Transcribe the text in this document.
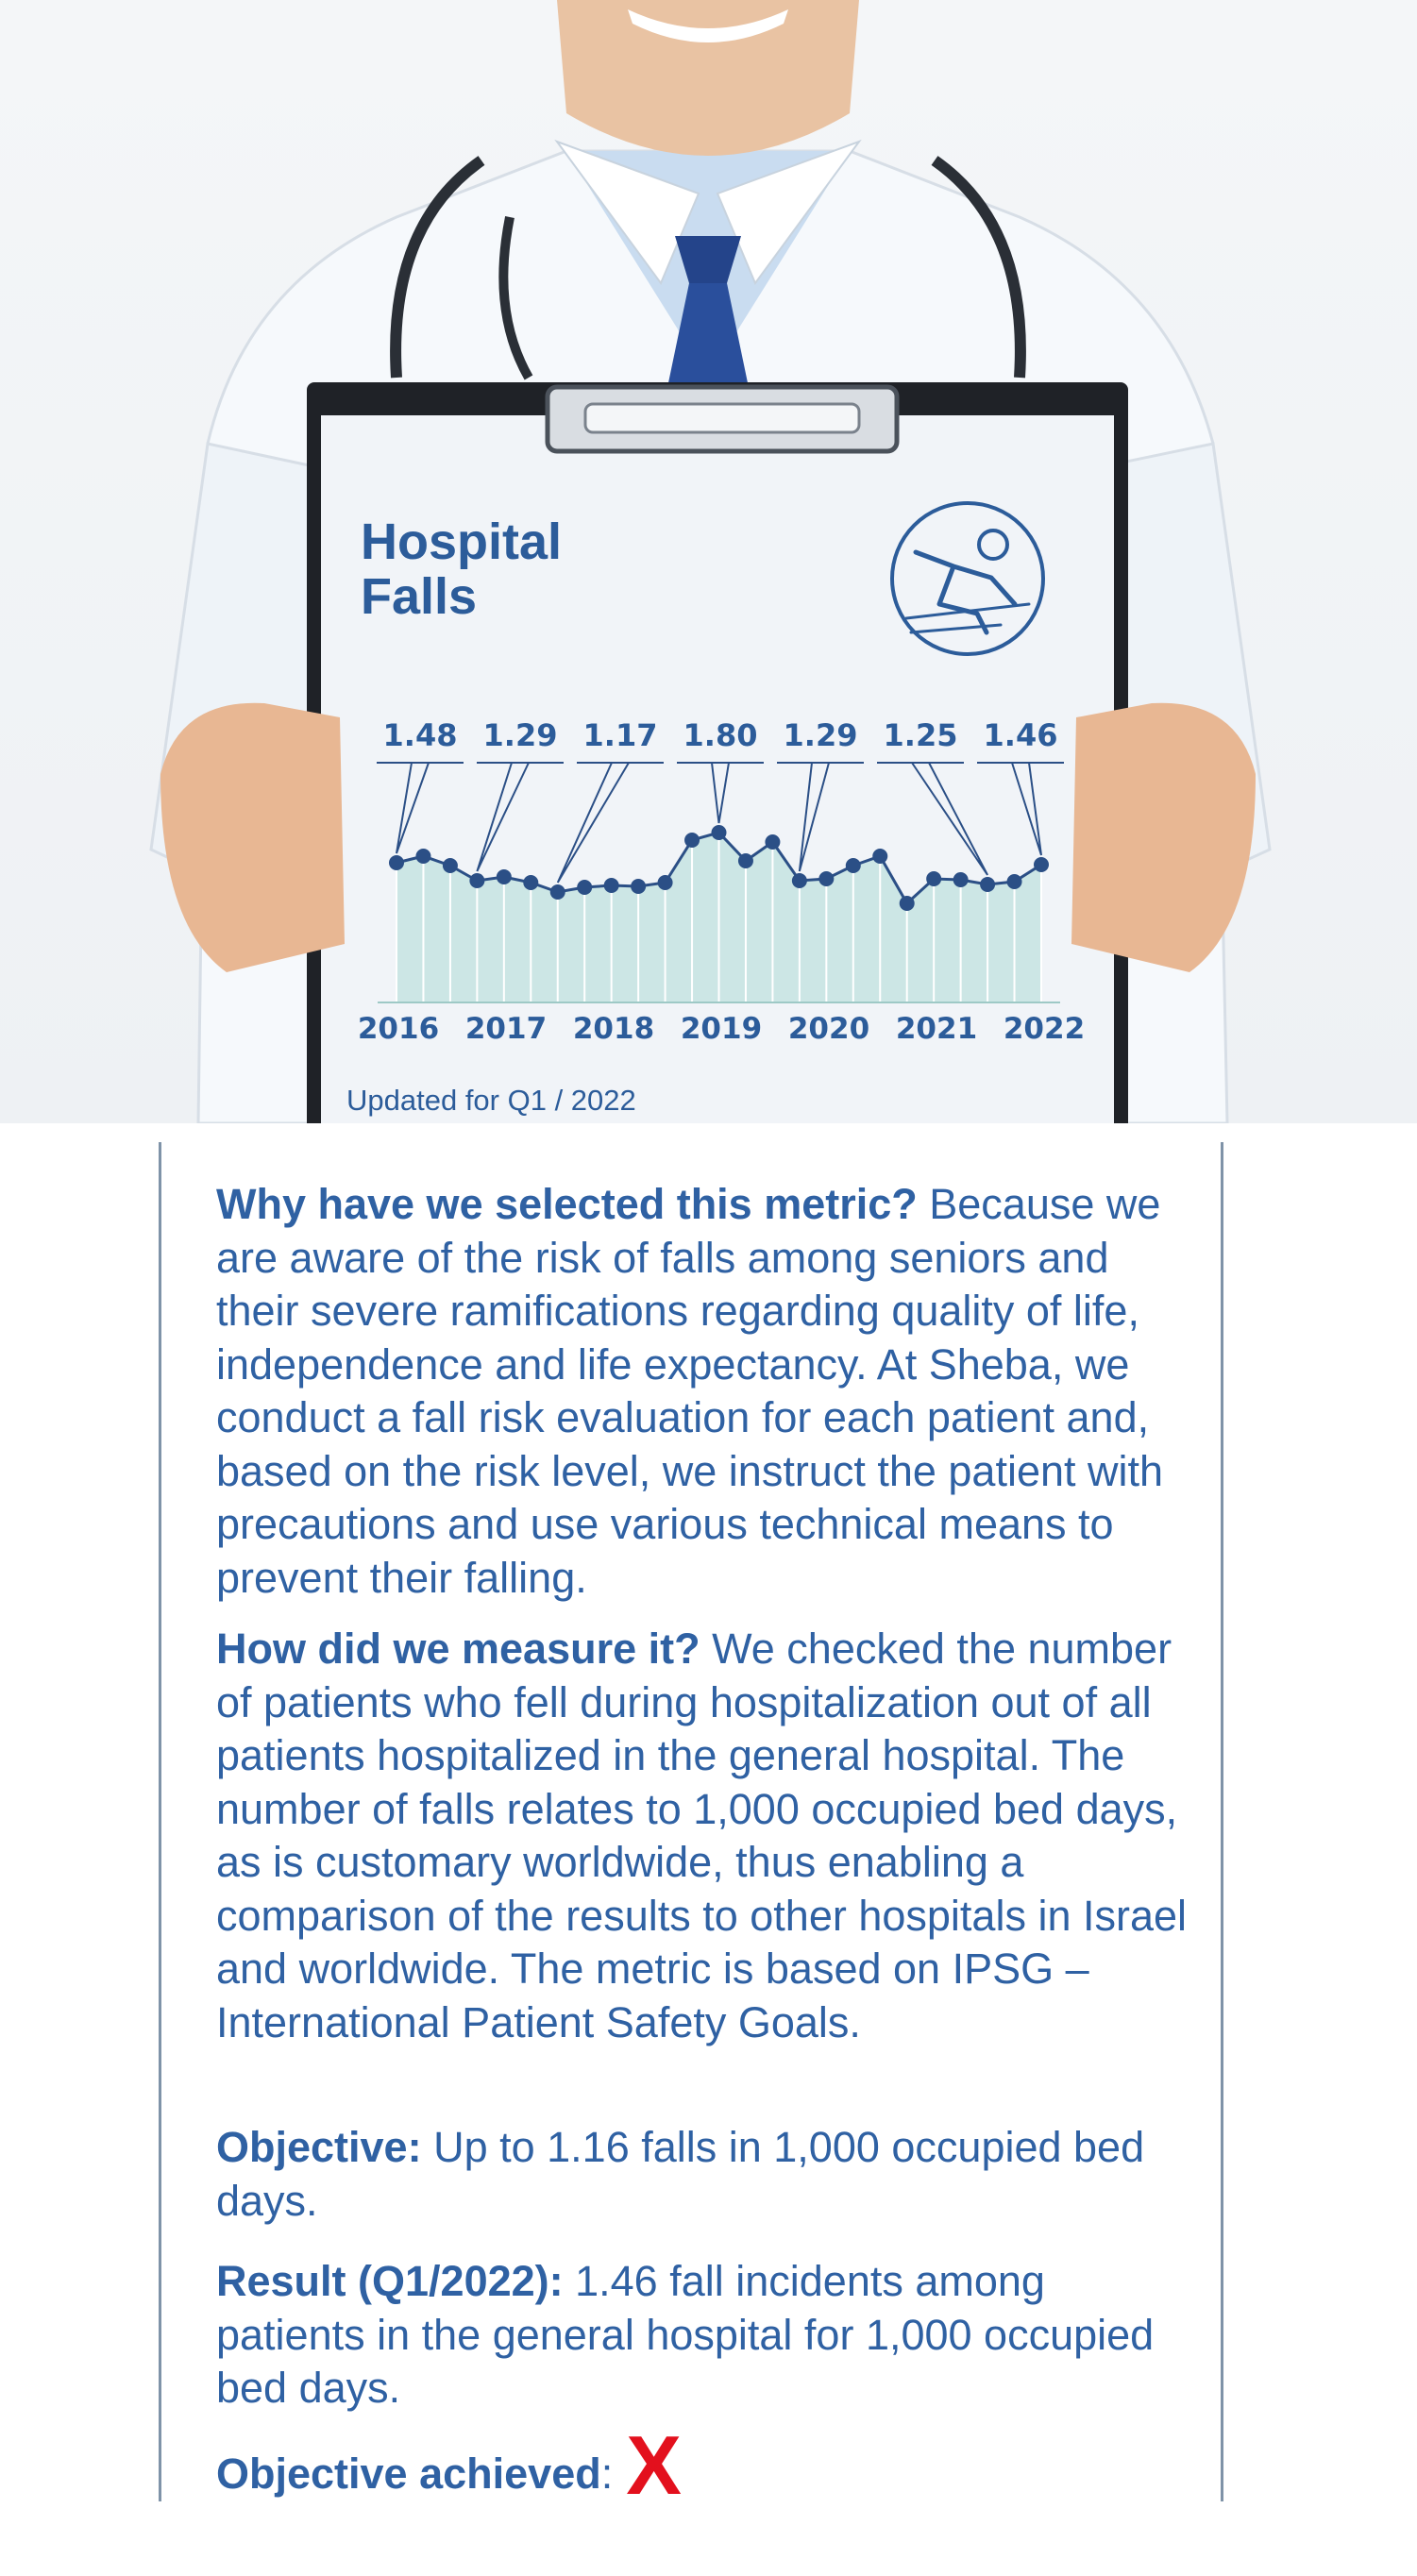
1.48 1.29 1.17 1.80 1.29 1.25 1.46
2016 2017 2018 2019 2020 2021 2022
Hospital
Falls
Updated for Q1 / 2022

Why have we selected this metric? Because we are aware of the risk of falls among seniors and their severe ramifications regarding quality of life, independence and life expectancy. At Sheba, we conduct a fall risk evaluation for each patient and, based on the risk level, we instruct the patient with precautions and use various technical means to prevent their falling.

How did we measure it? We checked the number of patients who fell during hospitalization out of all patients hospitalized in the general hospital. The number of falls relates to 1,000 occupied bed days, as is customary worldwide, thus enabling a comparison of the results to other hospitals in Israel and worldwide. The metric is based on IPSG – International Patient Safety Goals.

Objective: Up to 1.16 falls in 1,000 occupied bed days.

Result (Q1/2022): 1.46 fall incidents among patients in the general hospital for 1,000 occupied bed days.

Objective achieved: X
